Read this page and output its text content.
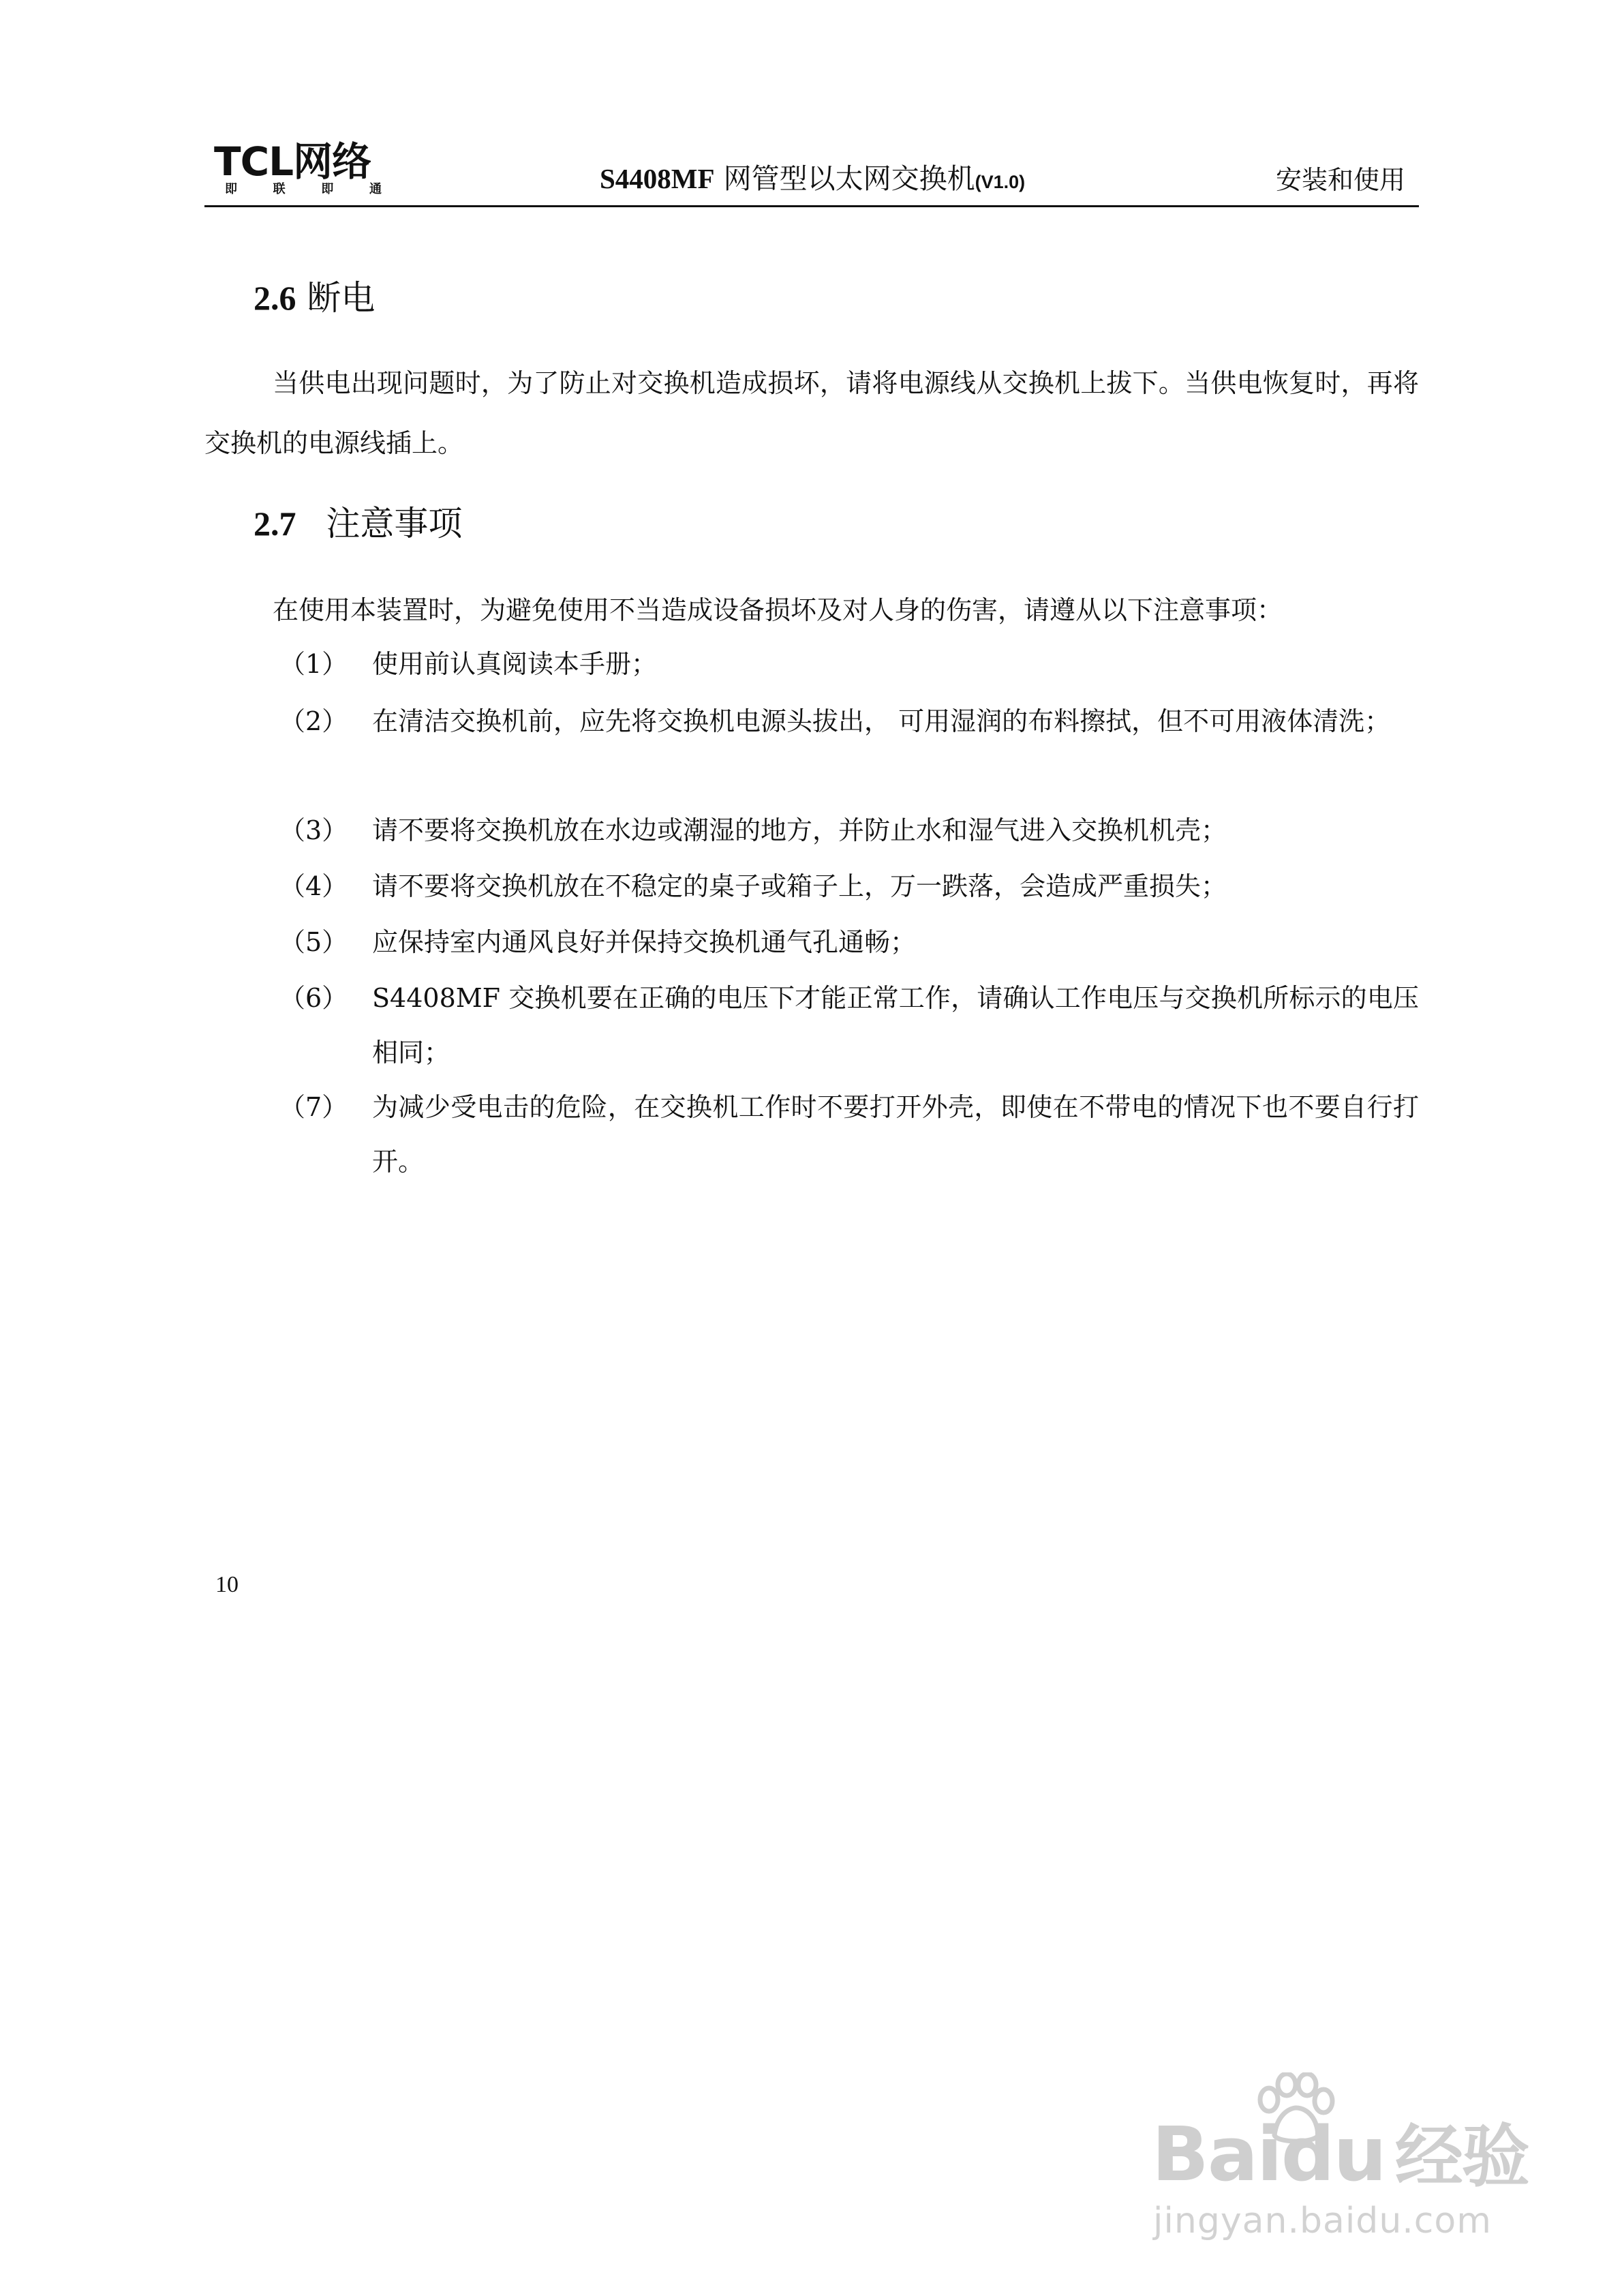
TCL网络
即	联	即	通	S4408MF 网管型以太网交换机(V1.0)	安装和使用
2.6 断电

当供电出现问题时，为了防止对交换机造成损坏，请将电源线从交换机上拔下。当供电恢复时，再将交换机的电源线插上。

2.7 注意事项
在使用本装置时，为避免使用不当造成设备损坏及对人身的伤害，请遵从以下注意事项：
（1） 使用前认真阅读本手册；
（2） 在清洁交换机前，应先将交换机电源头拔出， 可用湿润的布料擦拭，但不可用液体清洗；
（3） 请不要将交换机放在水边或潮湿的地方，并防止水和湿气进入交换机机壳；
（4） 请不要将交换机放在不稳定的桌子或箱子上，万一跌落，会造成严重损失；
（5） 应保持室内通风良好并保持交换机通气孔通畅；
（6） S4408MF 交换机要在正确的电压下才能正常工作，请确认工作电压与交换机所标示的电压相同；
（7） 为减少受电击的危险，在交换机工作时不要打开外壳，即使在不带电的情况下也不要自行打开。
10
Baidu 经验
jingyan.baidu.com
